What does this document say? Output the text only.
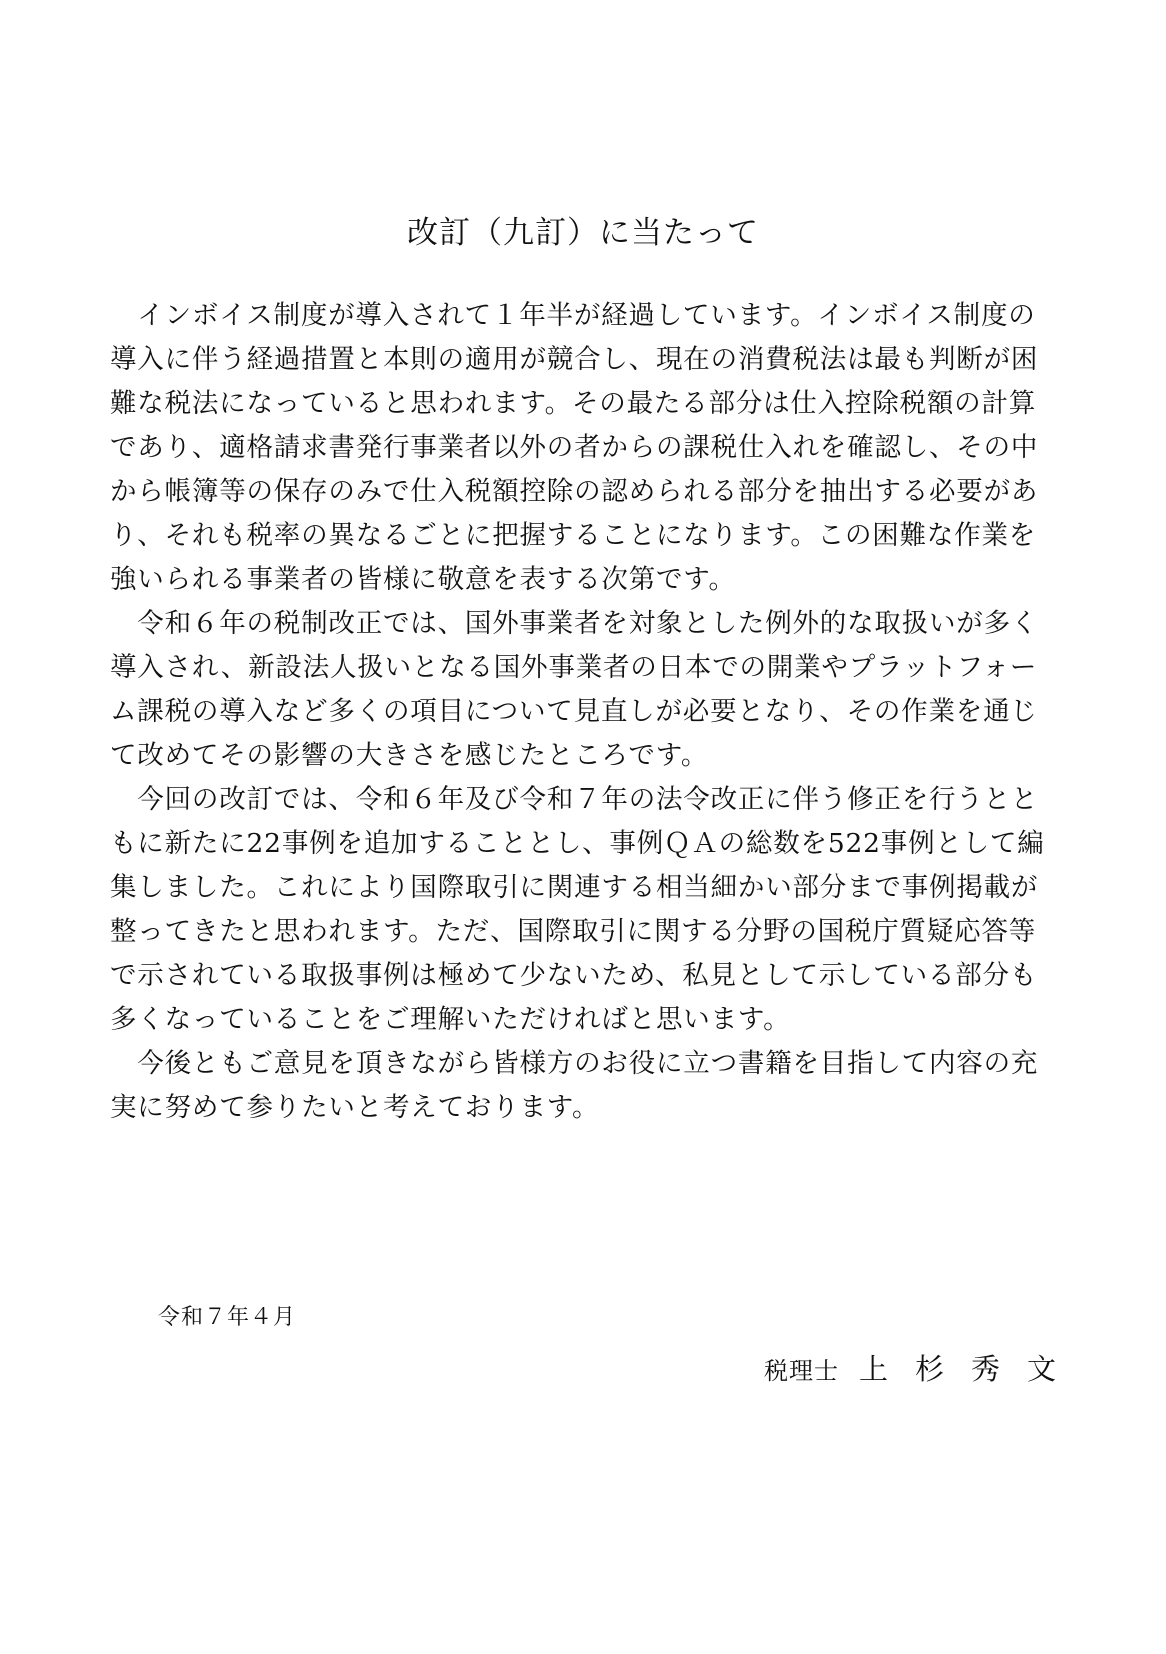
改訂（九訂）に当たって
　インボイス制度が導入されて１年半が経過しています。インボイス制度の
導入に伴う経過措置と本則の適用が競合し、現在の消費税法は最も判断が困
難な税法になっていると思われます。その最たる部分は仕入控除税額の計算
であり、適格請求書発行事業者以外の者からの課税仕入れを確認し、その中
から帳簿等の保存のみで仕入税額控除の認められる部分を抽出する必要があ
り、それも税率の異なるごとに把握することになります。この困難な作業を
強いられる事業者の皆様に敬意を表する次第です。
　令和６年の税制改正では、国外事業者を対象とした例外的な取扱いが多く
導入され、新設法人扱いとなる国外事業者の日本での開業やプラットフォー
ム課税の導入など多くの項目について見直しが必要となり、その作業を通じ
て改めてその影響の大きさを感じたところです。
　今回の改訂では、令和６年及び令和７年の法令改正に伴う修正を行うとと
もに新たに22事例を追加することとし、事例ＱＡの総数を522事例として編
集しました。これにより国際取引に関連する相当細かい部分まで事例掲載が
整ってきたと思われます。ただ、国際取引に関する分野の国税庁質疑応答等
で示されている取扱事例は極めて少ないため、私見として示している部分も
多くなっていることをご理解いただければと思います。
　今後ともご意見を頂きながら皆様方のお役に立つ書籍を目指して内容の充
実に努めて参りたいと考えております。
令和７年４月
税理士 上杉秀文
